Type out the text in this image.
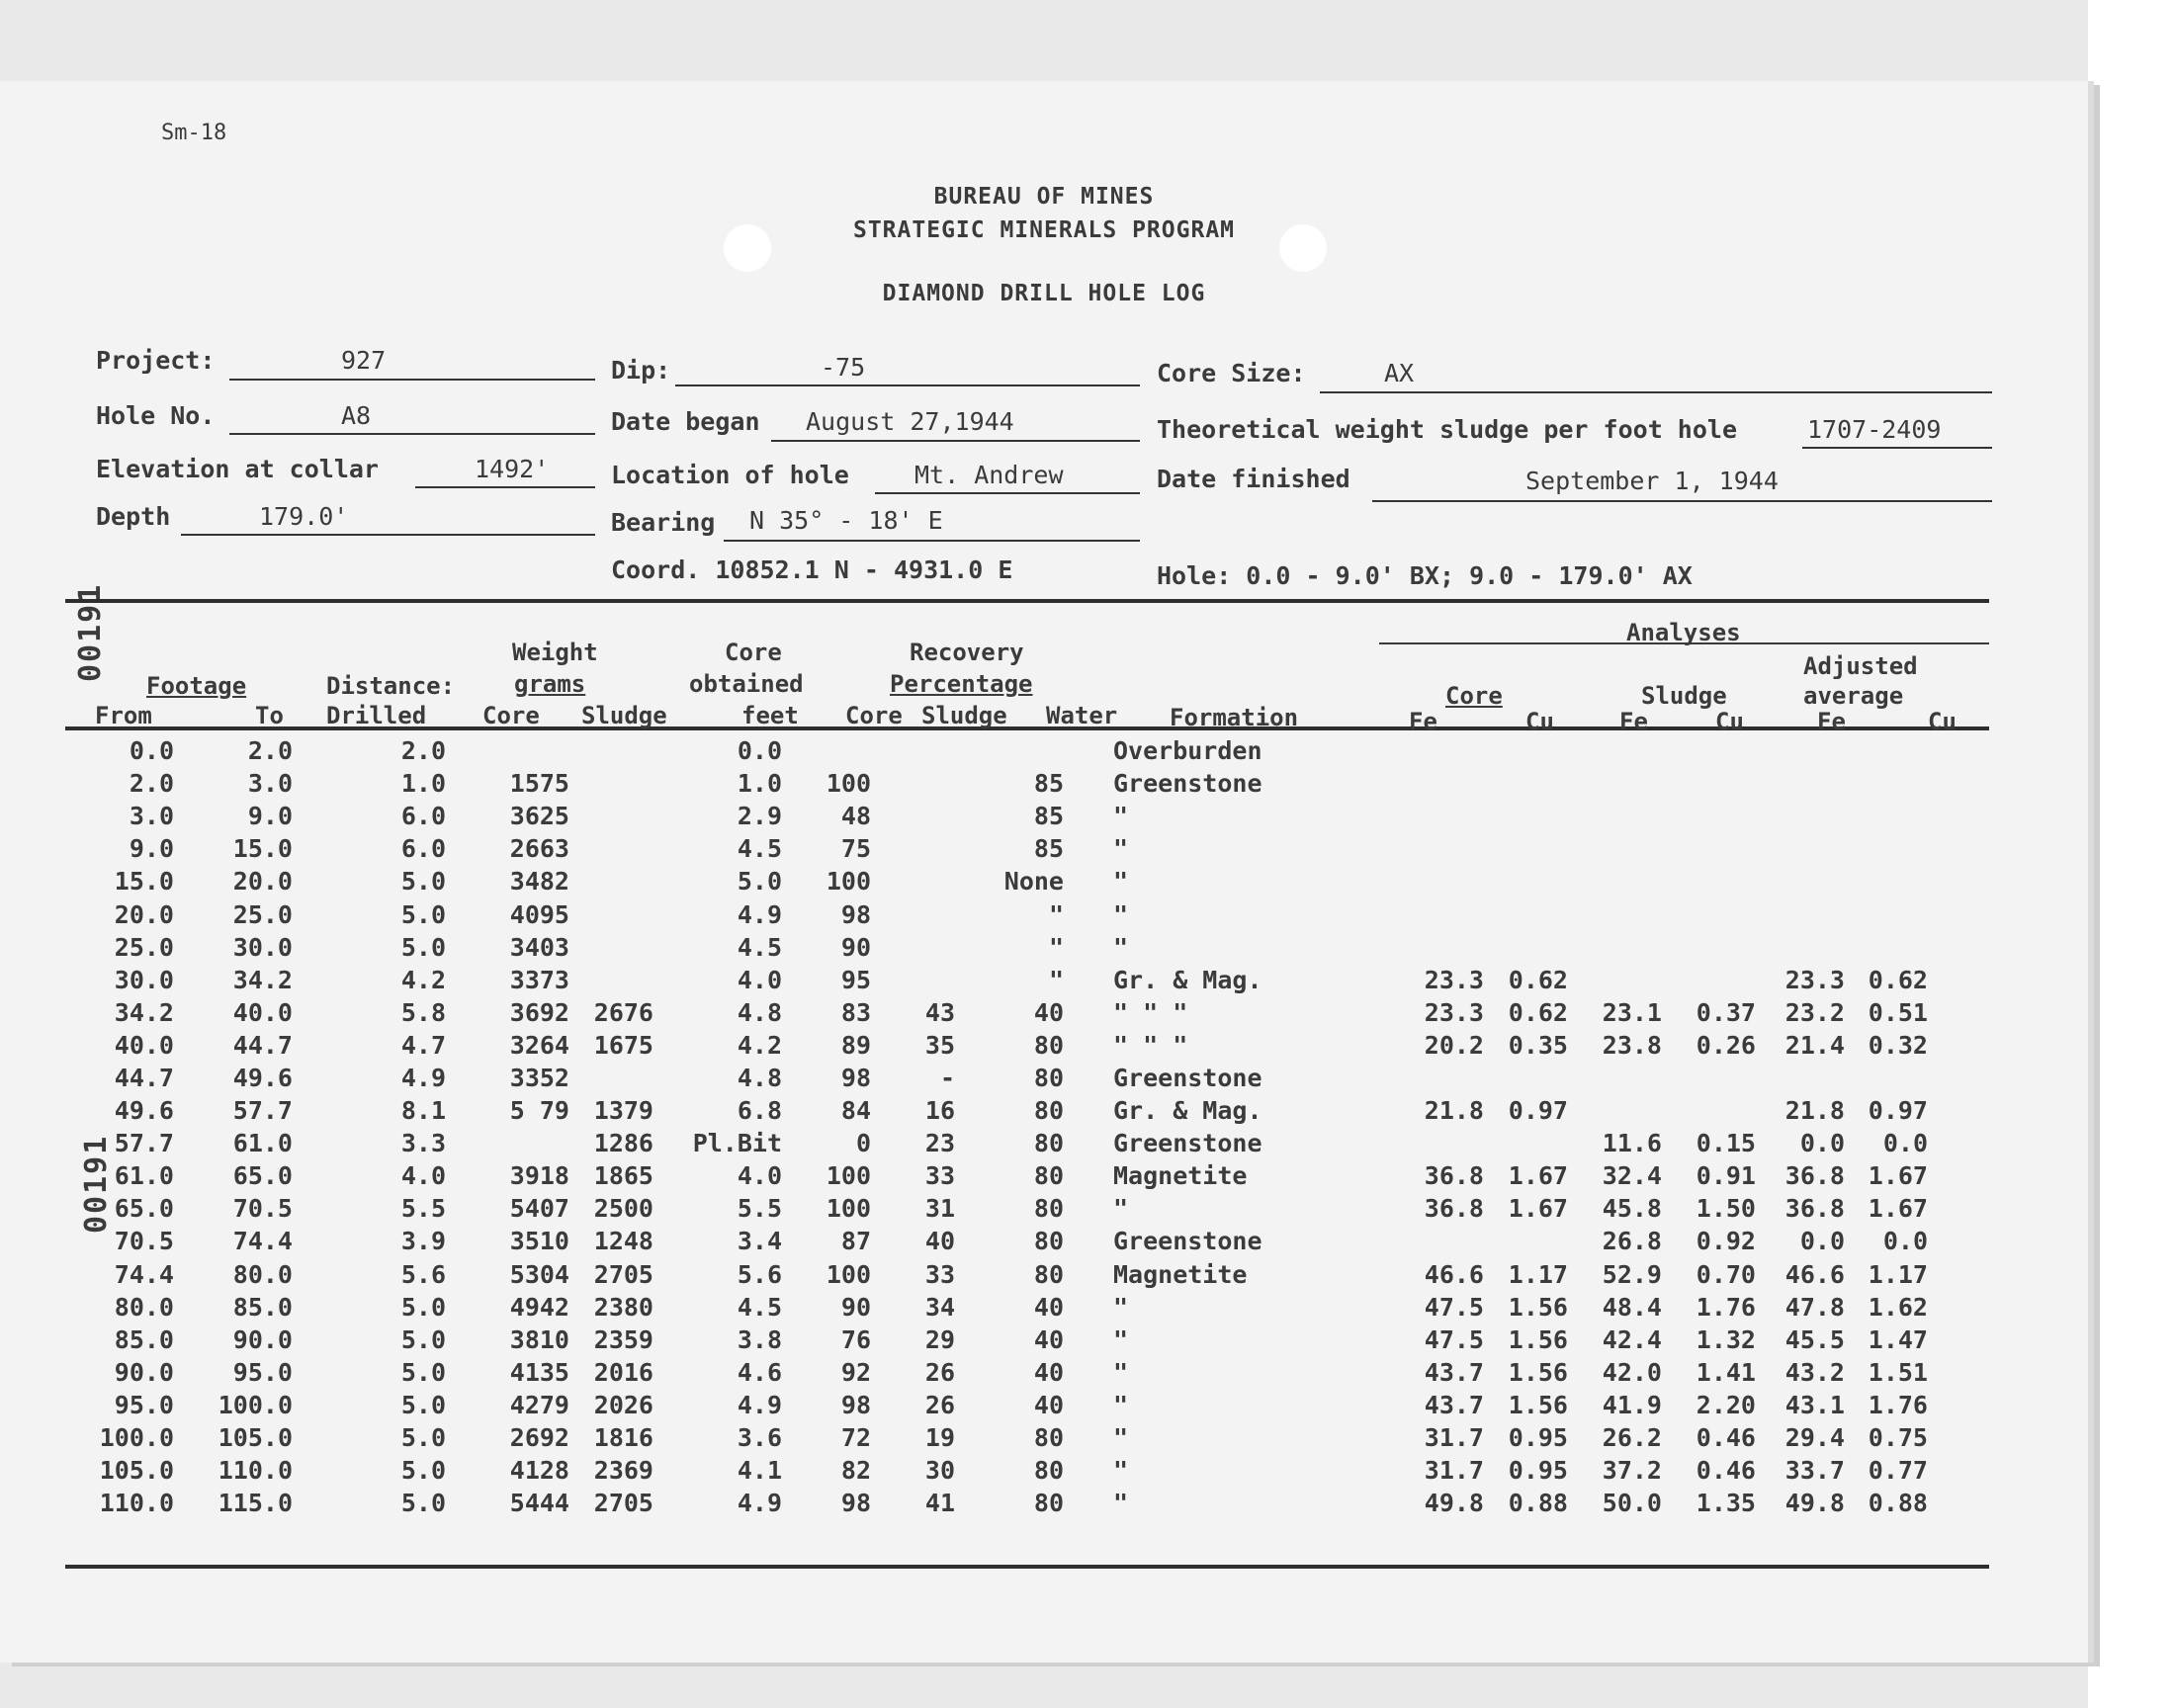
Sm-18
BUREAU OF MINES
STRATEGIC MINERALS PROGRAM
DIAMOND DRILL HOLE LOG
Project:	927	Dip:	-75	Core Size:	AX
Hole No.	A8	Date began August 27,1944	Theoretical weight sludge per foot hole	1707-2409
Elevation at collar	1492'	Location of hole	Mt. Andrew	Date finished	September 1, 1944
Depth	179.0'	Bearing N 35° - 18' E
Coord. 10852.1 N - 4931.0 E	Hole: 0.0 - 9.0' BX; 9.0 - 179.0' AX
00191
00191
Footage
From	To
Distance:
Drilled
Weight
grams
Core Sludge
Core
obtained
feet
Recovery
Percentage
Core Sludge Water Formation
Analyses
Core	Sludge
Adjusted
average
Fe	Cu	Fe	Cu	Fe	Cu
0.0	2.0	2.0			0.0				Overburden						
2.0	3.0	1.0	1575		1.0	100		85	Greenstone						
3.0	9.0	6.0	3625		2.9	48		85	"						
9.0	15.0	6.0	2663		4.5	75		85	"						
15.0	20.0	5.0	3482		5.0	100		None	"						
20.0	25.0	5.0	4095		4.9	98		"	"						
25.0	30.0	5.0	3403		4.5	90		"	"						
30.0	34.2	4.2	3373		4.0	95		"	Gr. & Mag.	23.3	0.62			23.3	0.62
34.2	40.0	5.8	3692	2676	4.8	83	43	40	" " "	23.3	0.62	23.1	0.37	23.2	0.51
40.0	44.7	4.7	3264	1675	4.2	89	35	80	" " "	20.2	0.35	23.8	0.26	21.4	0.32
44.7	49.6	4.9	3352		4.8	98	-	80	Greenstone						
49.6	57.7	8.1	5 79	1379	6.8	84	16	80	Gr. & Mag.	21.8	0.97			21.8	0.97
57.7	61.0	3.3		1286	Pl.Bit	0	23	80	Greenstone			11.6	0.15	0.0	0.0
61.0	65.0	4.0	3918	1865	4.0	100	33	80	Magnetite	36.8	1.67	32.4	0.91	36.8	1.67
65.0	70.5	5.5	5407	2500	5.5	100	31	80	"	36.8	1.67	45.8	1.50	36.8	1.67
70.5	74.4	3.9	3510	1248	3.4	87	40	80	Greenstone			26.8	0.92	0.0	0.0
74.4	80.0	5.6	5304	2705	5.6	100	33	80	Magnetite	46.6	1.17	52.9	0.70	46.6	1.17
80.0	85.0	5.0	4942	2380	4.5	90	34	40	"	47.5	1.56	48.4	1.76	47.8	1.62
85.0	90.0	5.0	3810	2359	3.8	76	29	40	"	47.5	1.56	42.4	1.32	45.5	1.47
90.0	95.0	5.0	4135	2016	4.6	92	26	40	"	43.7	1.56	42.0	1.41	43.2	1.51
95.0	100.0	5.0	4279	2026	4.9	98	26	40	"	43.7	1.56	41.9	2.20	43.1	1.76
100.0	105.0	5.0	2692	1816	3.6	72	19	80	"	31.7	0.95	26.2	0.46	29.4	0.75
105.0	110.0	5.0	4128	2369	4.1	82	30	80	"	31.7	0.95	37.2	0.46	33.7	0.77
110.0	115.0	5.0	5444	2705	4.9	98	41	80	"	49.8	0.88	50.0	1.35	49.8	0.88
